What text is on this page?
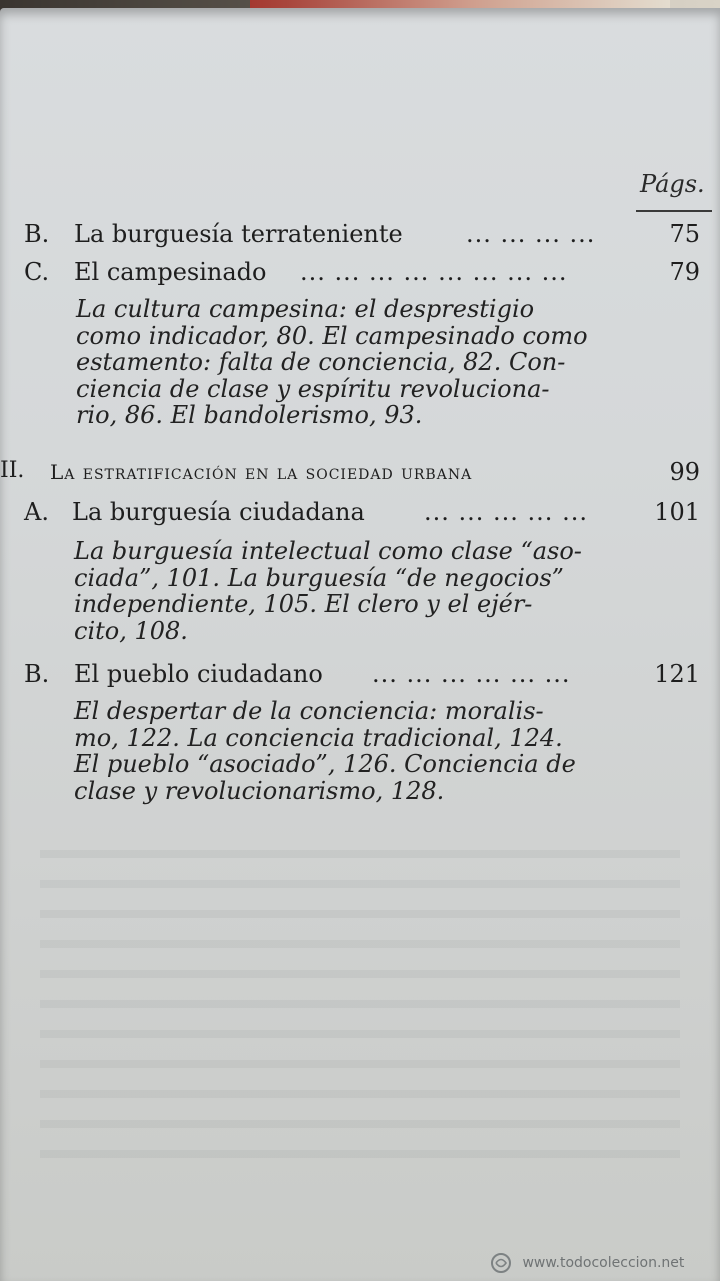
Págs.
B. La burguesía terrateniente	... ... ... ...	75
C. El campesinado ... ... ... ... ... ... ... ...	79
La cultura campesina: el desprestigio
como indicador, 80. El campesinado como
estamento: falta de conciencia, 82. Con-
ciencia de clase y espíritu revoluciona-
rio, 86. El bandolerismo, 93.
II. La estratificación en la sociedad urbana	99
A. La burguesía ciudadana ... ... ... ... ...	101
La burguesía intelectual como clase “aso-
ciada”, 101. La burguesía “de negocios”
independiente, 105. El clero y el ejér-
cito, 108.
B. El pueblo ciudadano ... ... ... ... ... ...	121
El despertar de la conciencia: moralis-
mo, 122. La conciencia tradicional, 124.
El pueblo “asociado”, 126. Conciencia de
clase y revolucionarismo, 128.
www.todocoleccion.net
